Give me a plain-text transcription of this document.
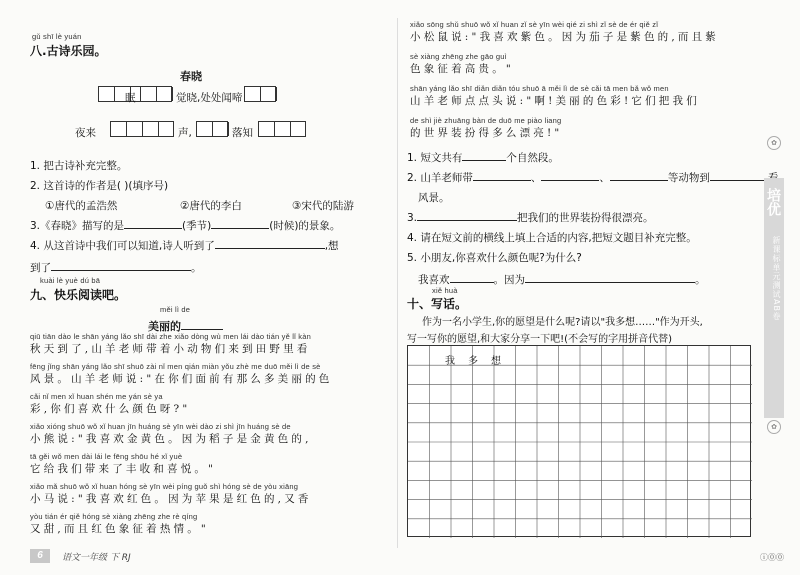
gǔ shī lè yuán
八.古诗乐园。
春晓
眠	觉晓,处处闻啼
夜来	声,	落知
1. 把古诗补充完整。
2. 这首诗的作者是( )(填序号)
①唐代的孟浩然	②唐代的李白	③宋代的陆游
3.《春晓》描写的是	(季节)	(时候)的景象。
4. 从这首诗中我们可以知道,诗人听到了	,想
到了	。
kuài lè yuè dú bā
九、快乐阅读吧。
měi lì de
美丽的
qiū tiān dào le shān yáng lǎo shī dài zhe xiǎo dòng wù men lái dào tián yě lǐ kàn
秋天到了,山羊老师带着小动物们来到田野里看
fēng jǐng shān yáng lǎo shī shuō zài nǐ men qián miàn yǒu zhè me duō měi lì de sè
风景。山羊老师说:"在你们面前有那么多美丽的色
cǎi nǐ men xǐ huan shén me yán sè ya
彩,你们喜欢什么颜色呀?"
xiǎo xióng shuō wǒ xǐ huan jīn huáng sè yīn wèi dào zi shì jīn huáng sè de
小熊说:"我喜欢金黄色。因为稻子是金黄色的,
tā gěi wǒ men dài lái le fēng shōu hé xǐ yuè
它给我们带来了丰收和喜悦。"
xiǎo mǎ shuō wǒ xǐ huan hóng sè yīn wèi píng guǒ shì hóng sè de yòu xiāng
小马说:"我喜欢红色。因为苹果是红色的,又香
yòu tián ér qiě hóng sè xiàng zhēng zhe rè qíng
又甜,而且红色象征着热情。"
xiǎo sōng shǔ shuō wǒ xǐ huan zǐ sè yīn wèi qié zi shì zǐ sè de ér qiě zǐ
小松鼠说:"我喜欢紫色。因为茄子是紫色的,而且紫
sè xiàng zhēng zhe gāo guì
色象征着高贵。"
shān yáng lǎo shī diǎn diǎn tóu shuō ā měi lì de sè cǎi tā men bǎ wǒ men
山羊老师点点头说:"啊!美丽的色彩!它们把我们
de shì jiè zhuāng bàn de duō me piào liang
的世界装扮得多么漂亮!"
1. 短文共有	个自然段。
2. 山羊老师带	、	、	等动物到
风景。
3.	把我们的世界装扮得很漂亮。
4. 请在短文前的横线上填上合适的内容,把短文题目补充完整。
5. 小朋友,你喜欢什么颜色呢?为什么?
我喜欢	。因为	。
xiě huà
十、写话。
作为一名小学生,你的愿望是什么呢?请以"我多想……"作为开头,
写一写你的愿望,和大家分享一下吧!(不会写的字用拼音代替)
我多想
6	语文一年级 下 RJ
✿
培优
新课标单元测试AB卷
✿
ⓘ⓪⓪
